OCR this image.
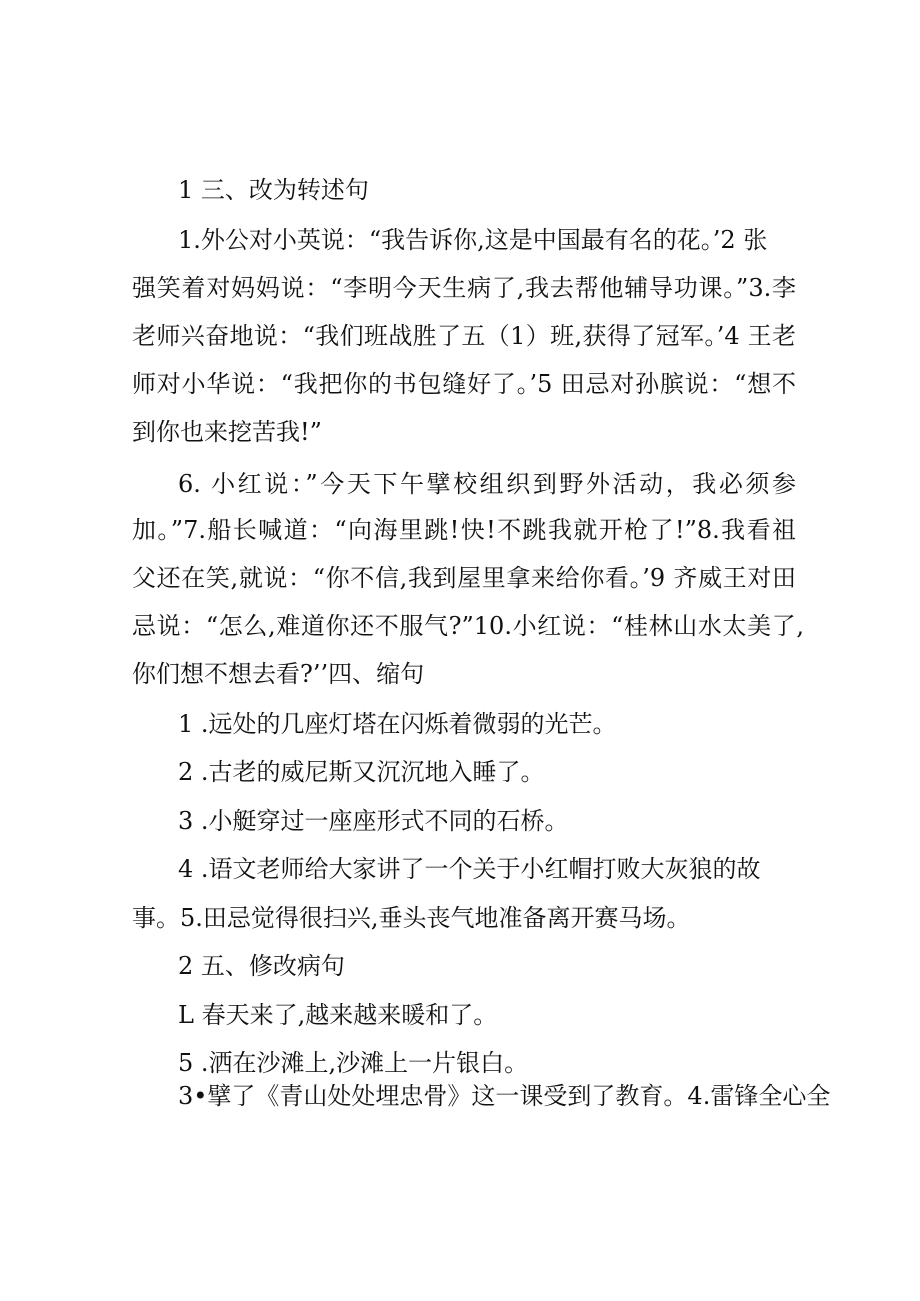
1 三、改为转述句

1.外公对小英说：“我告诉你,这是中国最有名的花。’2 张

强笑着对妈妈说：“李明今天生病了,我去帮他辅导功课。”3.李

老师兴奋地说：“我们班战胜了五（1）班,获得了冠军。’4 王老

师对小华说：“我把你的书包缝好了。’5 田忌对孙膑说：“想不

到你也来挖苦我!”

6. 小红说：”今天下午擘校组织到野外活动，我必须参

加。”7.船长喊道：“向海里跳!快!不跳我就开枪了!”8.我看祖

父还在笑,就说：“你不信,我到屋里拿来给你看。’9 齐威王对田

忌说：“怎么,难道你还不服气?”10.小红说：“桂林山水太美了,

你们想不想去看?’’四、缩句

1 .远处的几座灯塔在闪烁着微弱的光芒。

2 .古老的威尼斯又沉沉地入睡了。

3 .小艇穿过一座座形式不同的石桥。

4 .语文老师给大家讲了一个关于小红帽打败大灰狼的故

事。5.田忌觉得很扫兴,垂头丧气地准备离开赛马场。

2 五、修改病句

L 春天来了,越来越来暖和了。

5 .洒在沙滩上,沙滩上一片银白。

3•擘了《青山处处埋忠骨》这一课受到了教育。4.雷锋全心全
